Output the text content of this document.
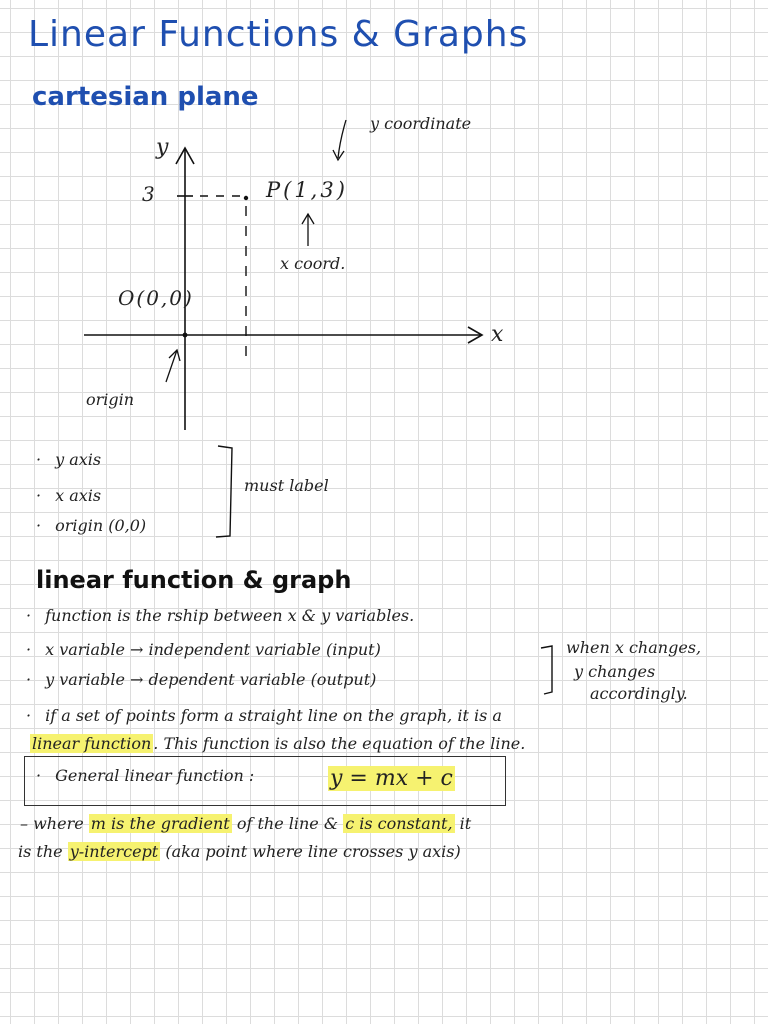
Linear Functions & Graphs
cartesian plane
y
x
3	P(1,3)
O(0,0)
y coordinate
x coord.
origin
· y axis
· x axis
· origin (0,0)
must label
linear function & graph
· function is the rship between x & y variables.
· x variable → independent variable (input)
· y variable → dependent variable (output)
when x changes,
y changes
accordingly.
· if a set of points form a straight line on the graph, it is a
linear function . This function is also the equation of the line.
· General linear function :	y = mx + c
– where m is the gradient of the line & c is constant, it
is the y-intercept (aka point where line crosses y axis)
